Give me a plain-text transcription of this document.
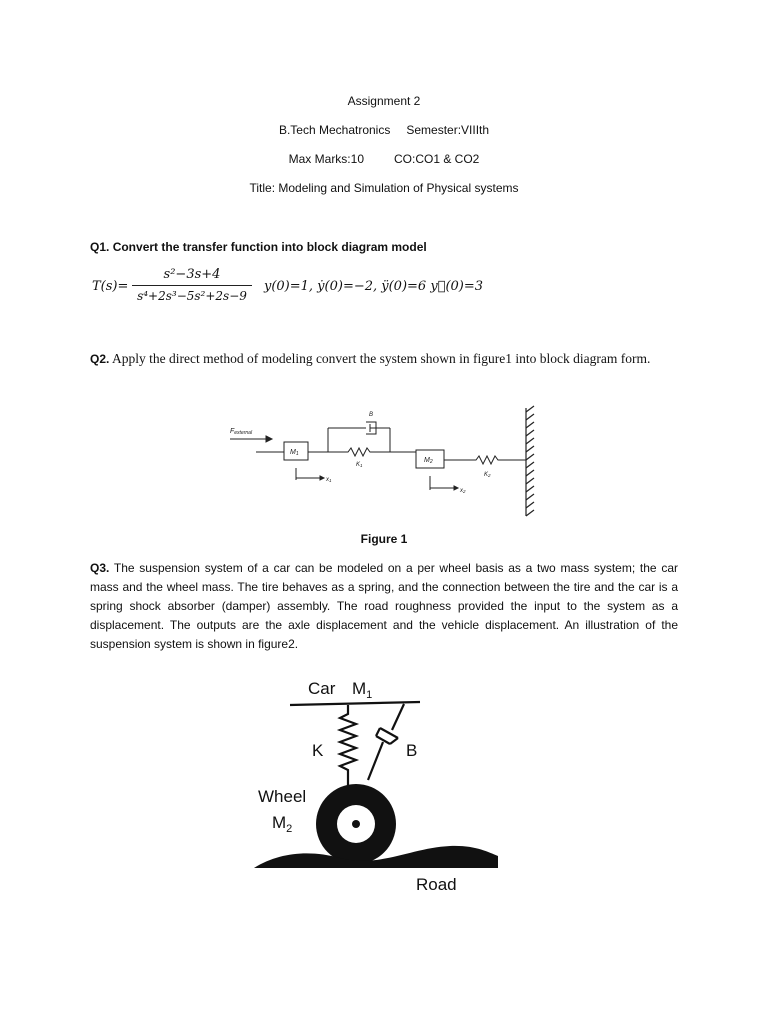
Assignment 2
B.Tech Mechatronics Semester:VIIIth
Max Marks:10	CO:CO1 & CO2
Title: Modeling and Simulation of Physical systems
Q1. Convert the transfer function into block diagram model
T(s)=
s²−3s+4
s⁴+2s³−5s²+2s−9
y(0)=1, ẏ(0)=−2, ÿ(0)=6 y⃛(0)=3
Q2. Apply the direct method of modeling convert the system shown in figure1 into block diagram form.
Fexternal
M1
B
K1
M2
K2
x1
x2
Figure 1
Q3. The suspension system of a car can be modeled on a per wheel basis as a two mass system; the car mass and the wheel mass. The tire behaves as a spring, and the connection between the tire and the car is a spring shock absorber (damper) assembly. The road roughness provided the input to the system as a displacement. The outputs are the axle displacement and the vehicle displacement. An illustration of the suspension system is shown in figure2.
Car $M_1$
K	B
Wheel
$M_2$
Road
